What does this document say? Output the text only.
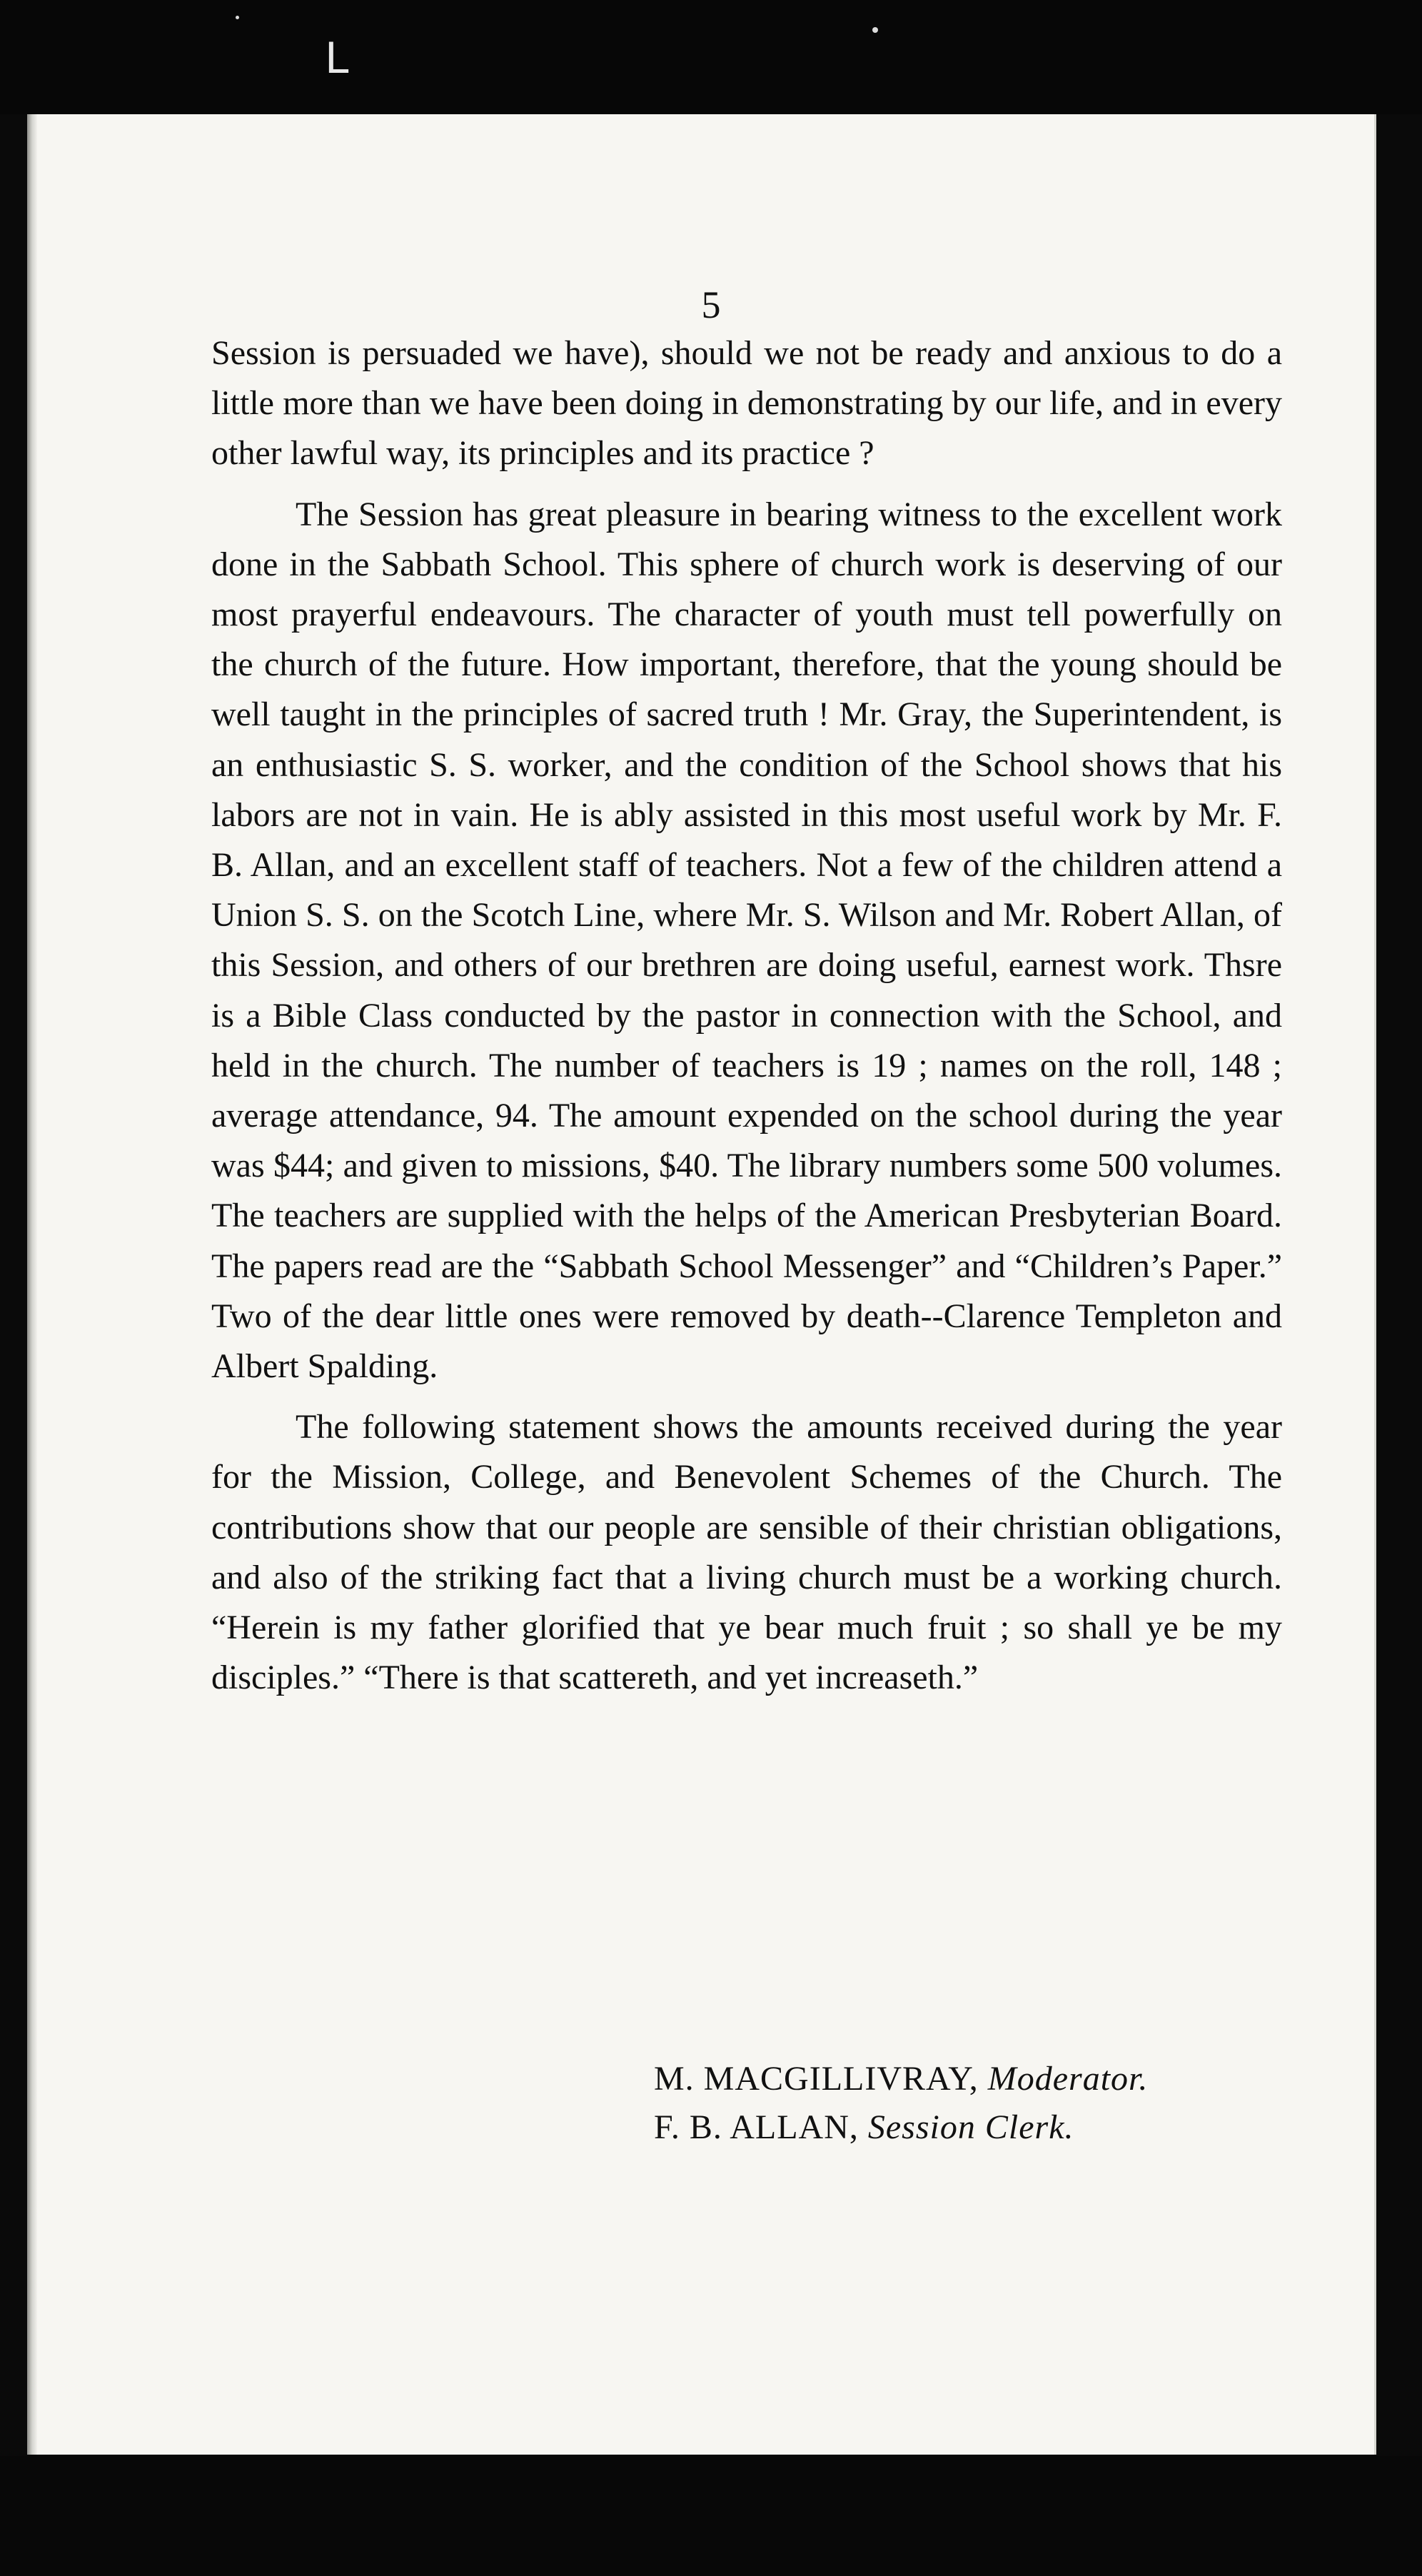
ᒪ
5

Session is persuaded we have), should we not be ready and anxious to do a little more than we have been doing in demonstrating by our life, and in every other lawful way, its principles and its practice ?

The Session has great pleasure in bearing witness to the excellent work done in the Sabbath School. This sphere of church work is deserving of our most prayerful endeavours. The character of youth must tell powerfully on the church of the future. How important, therefore, that the young should be well taught in the principles of sacred truth ! Mr. Gray, the Superintendent, is an enthusiastic S. S. worker, and the condition of the School shows that his labors are not in vain. He is ably assisted in this most useful work by Mr. F. B. Allan, and an excellent staff of teachers. Not a few of the children attend a Union S. S. on the Scotch Line, where Mr. S. Wilson and Mr. Robert Allan, of this Session, and others of our brethren are doing useful, earnest work. Thsre is a Bible Class conducted by the pastor in connection with the School, and held in the church. The number of teachers is 19 ; names on the roll, 148 ; average attendance, 94. The amount expended on the school during the year was $44; and given to missions, $40. The library numbers some 500 volumes. The teachers are supplied with the helps of the American Presbyterian Board. The papers read are the “Sabbath School Messenger” and “Children’s Paper.” Two of the dear little ones were removed by death--Clarence Templeton and Albert Spalding.

The following statement shows the amounts received during the year for the Mission, College, and Benevolent Schemes of the Church. The contributions show that our people are sensible of their christian obligations, and also of the striking fact that a living church must be a working church. “Herein is my father glorified that ye bear much fruit ; so shall ye be my disciples.” “There is that scattereth, and yet increaseth.”

M. MACGILLIVRAY, Moderator.
F. B. ALLAN, Session Clerk.
